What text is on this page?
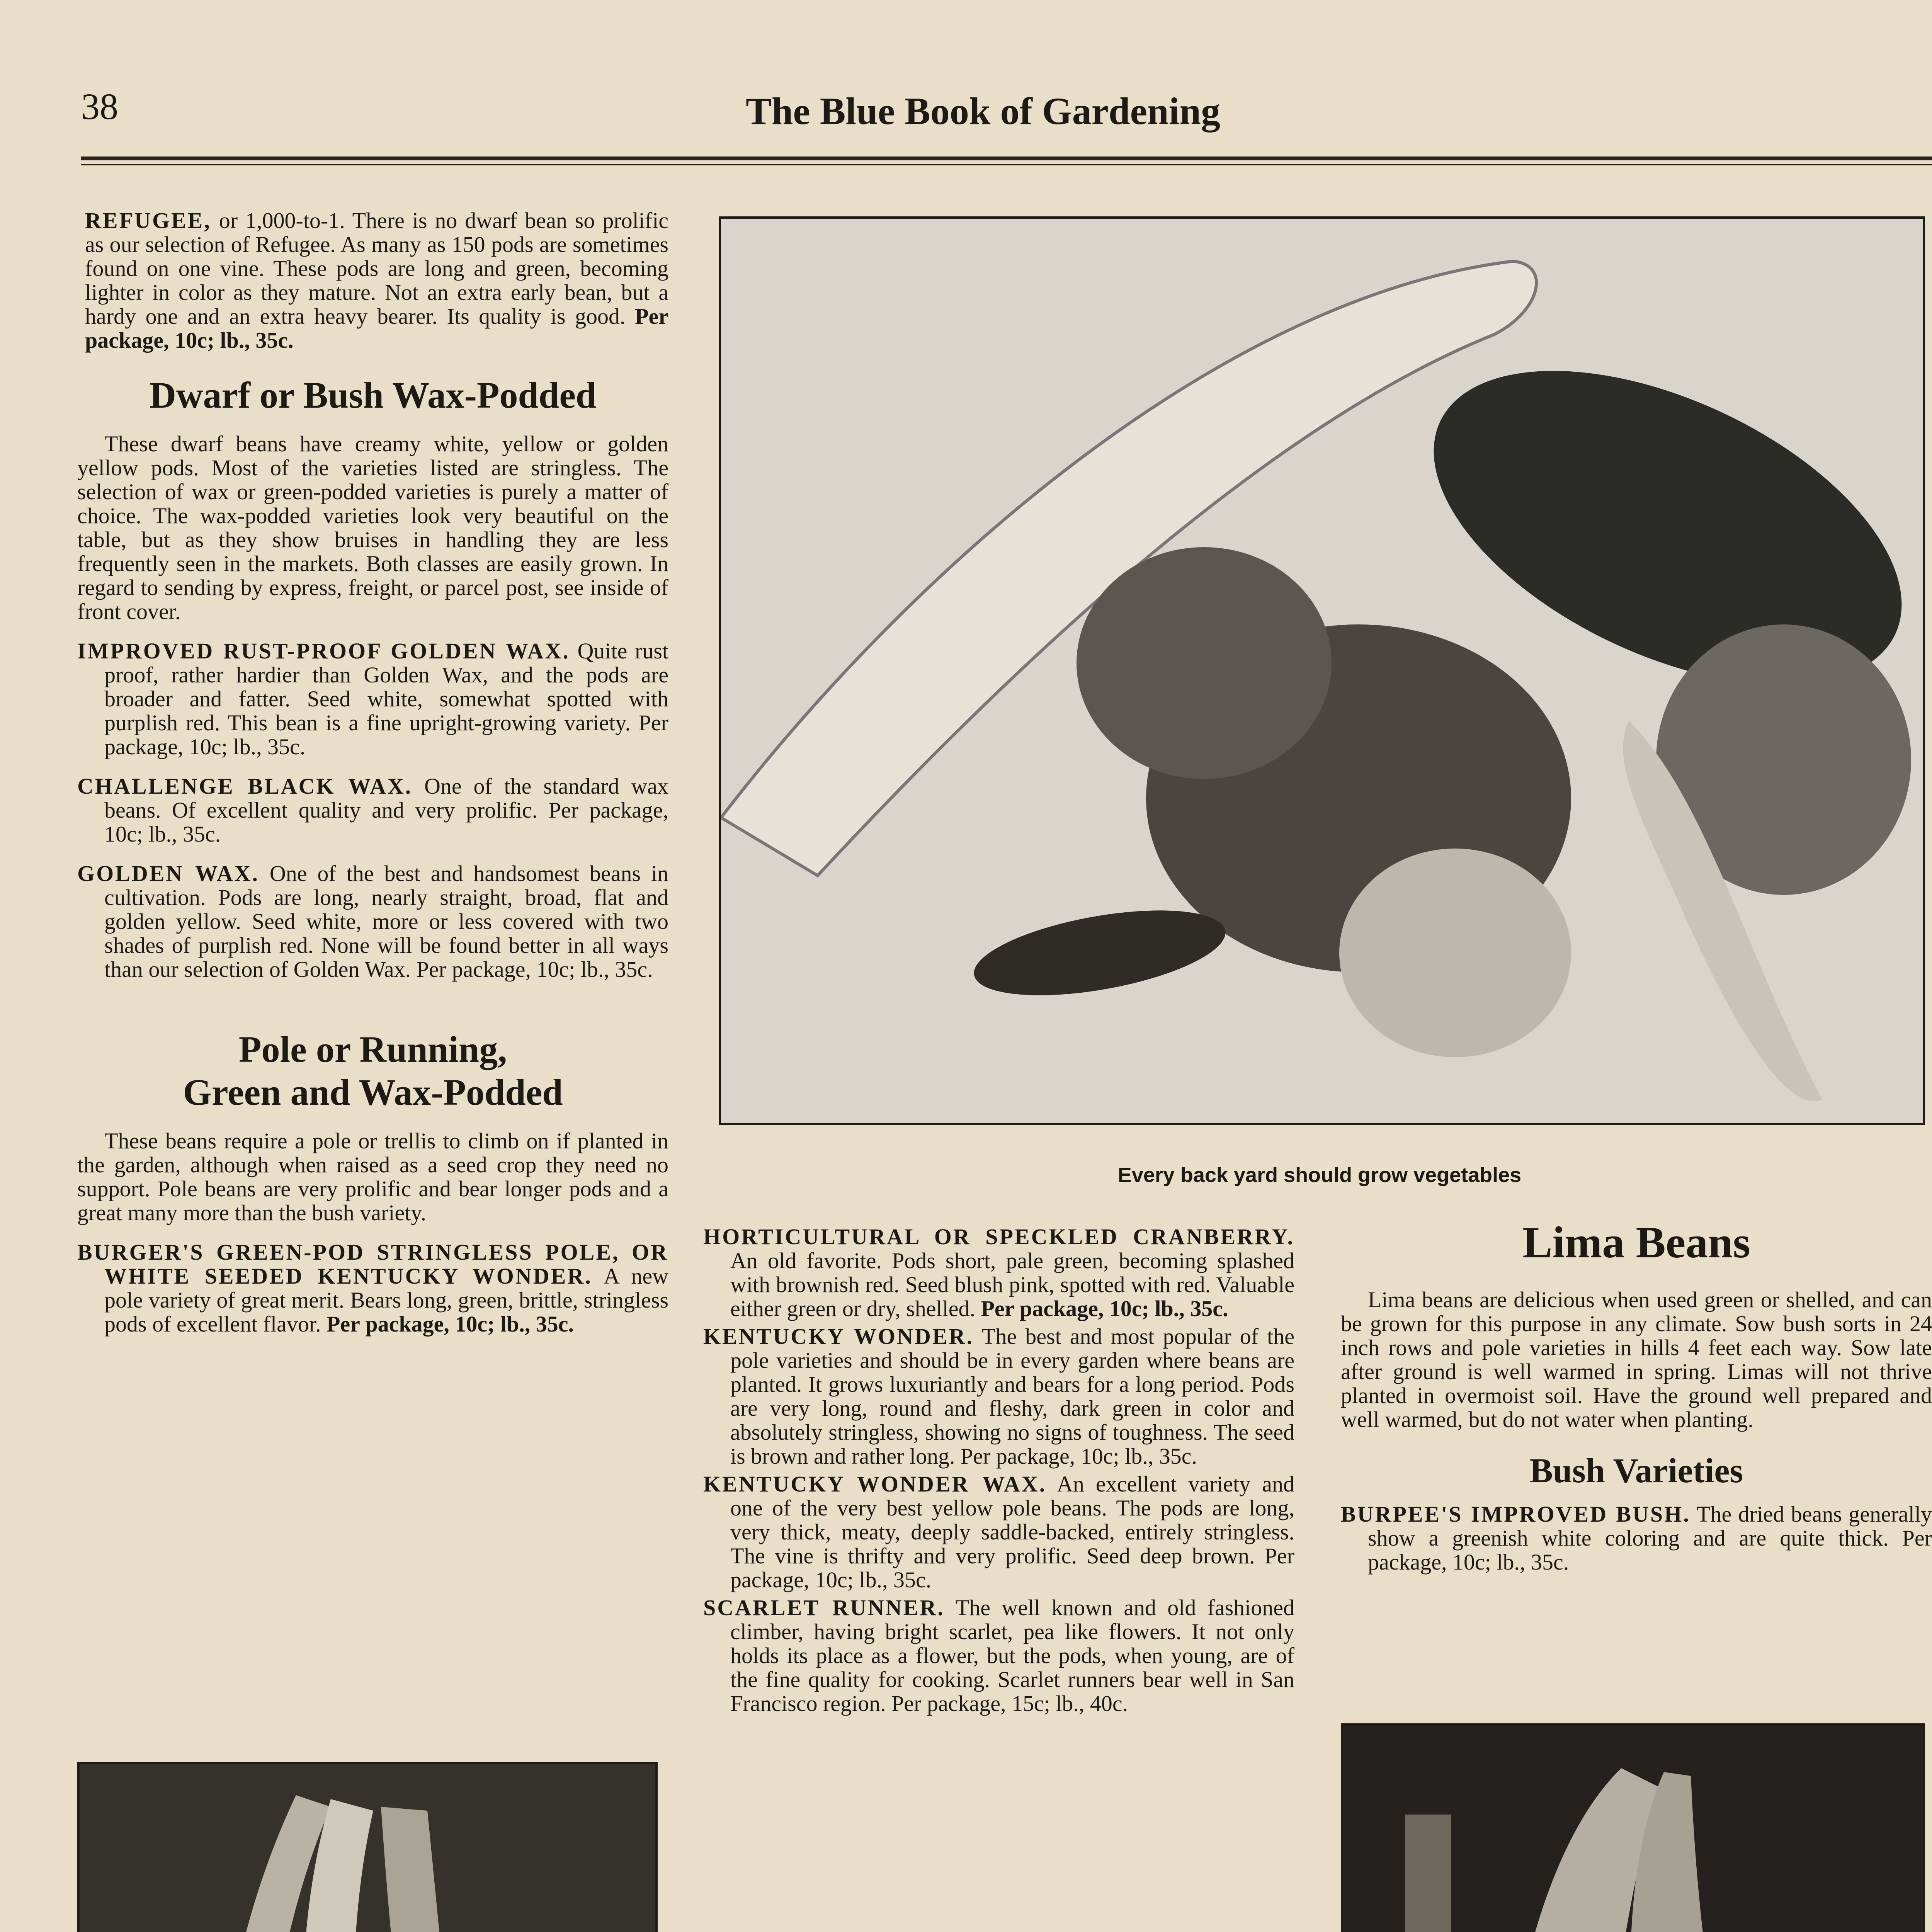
38	The Blue Book of Gardening

REFUGEE, or 1,000-to-1. There is no dwarf bean so prolific as our selection of Refugee. As many as 150 pods are sometimes found on one vine. These pods are long and green, becoming lighter in color as they mature. Not an extra early bean, but a hardy one and an extra heavy bearer. Its quality is good. Per package, 10c; lb., 35c.

Dwarf or Bush Wax-Podded

These dwarf beans have creamy white, yellow or golden yellow pods. Most of the varieties listed are stringless. The selection of wax or green-podded varieties is purely a matter of choice. The wax-podded varieties look very beautiful on the table, but as they show bruises in handling they are less frequently seen in the markets. Both classes are easily grown. In regard to sending by express, freight, or parcel post, see inside of front cover.

IMPROVED RUST-PROOF GOLDEN WAX. Quite rust proof, rather hardier than Golden Wax, and the pods are broader and fatter. Seed white, somewhat spotted with purplish red. This bean is a fine upright-growing variety. Per package, 10c; lb., 35c.

CHALLENGE BLACK WAX. One of the standard wax beans. Of excellent quality and very prolific. Per package, 10c; lb., 35c.

GOLDEN WAX. One of the best and handsomest beans in cultivation. Pods are long, nearly straight, broad, flat and golden yellow. Seed white, more or less covered with two shades of purplish red. None will be found better in all ways than our selection of Golden Wax. Per package, 10c; lb., 35c.

Pole or Running,

Green and Wax-Podded

These beans require a pole or trellis to climb on if planted in the garden, although when raised as a seed crop they need no support. Pole beans are very prolific and bear longer pods and a great many more than the bush variety.

BURGER'S GREEN-POD STRINGLESS POLE, OR WHITE SEEDED KENTUCKY WONDER. A new pole variety of great merit. Bears long, green, brittle, stringless pods of excellent flavor. Per package, 10c; lb., 35c.

Every back yard should grow vegetables

HORTICULTURAL OR SPECKLED CRANBERRY. An old favorite. Pods short, pale green, becoming splashed with brownish red. Seed blush pink, spotted with red. Valuable either green or dry, shelled. Per package, 10c; lb., 35c.

KENTUCKY WONDER. The best and most popular of the pole varieties and should be in every garden where beans are planted. It grows luxuriantly and bears for a long period. Pods are very long, round and fleshy, dark green in color and absolutely stringless, showing no signs of toughness. The seed is brown and rather long. Per package, 10c; lb., 35c.

KENTUCKY WONDER WAX. An excellent variety and one of the very best yellow pole beans. The pods are long, very thick, meaty, deeply saddle-backed, entirely stringless. The vine is thrifty and very prolific. Seed deep brown. Per package, 10c; lb., 35c.

SCARLET RUNNER. The well known and old fashioned climber, having bright scarlet, pea like flowers. It not only holds its place as a flower, but the pods, when young, are of the fine quality for cooking. Scarlet runners bear well in San Francisco region. Per package, 15c; lb., 40c.

Lima Beans

Lima beans are delicious when used green or shelled, and can be grown for this purpose in any climate. Sow bush sorts in 24 inch rows and pole varieties in hills 4 feet each way. Sow late after ground is well warmed in spring. Limas will not thrive planted in overmoist soil. Have the ground well prepared and well warmed, but do not water when planting.

Bush Varieties

BURPEE'S IMPROVED BUSH. The dried beans generally show a greenish white coloring and are quite thick. Per package, 10c; lb., 35c.
